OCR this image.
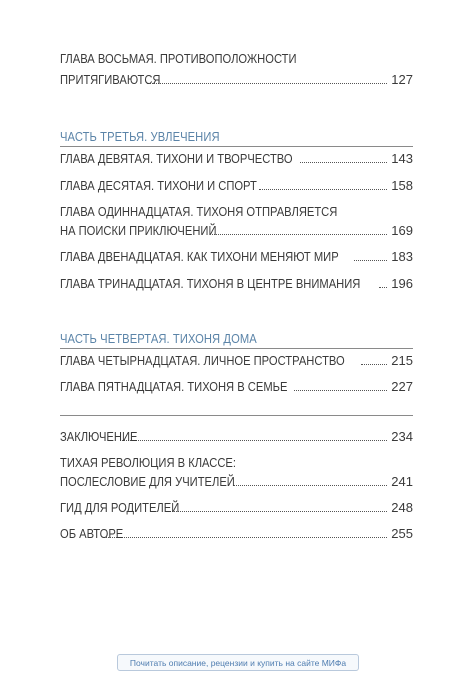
ГЛАВА ВОСЬМАЯ. ПРОТИВОПОЛОЖНОСТИ
ПРИТЯГИВАЮТСЯ	127
ЧАСТЬ ТРЕТЬЯ. УВЛЕЧЕНИЯ
ГЛАВА ДЕВЯТАЯ. ТИХОНИ И ТВОРЧЕСТВО	143
ГЛАВА ДЕСЯТАЯ. ТИХОНИ И СПОРТ	158
ГЛАВА ОДИННАДЦАТАЯ. ТИХОНЯ ОТПРАВЛЯЕТСЯ
НА ПОИСКИ ПРИКЛЮЧЕНИЙ	169
ГЛАВА ДВЕНАДЦАТАЯ. КАК ТИХОНИ МЕНЯЮТ МИР	183
ГЛАВА ТРИНАДЦАТАЯ. ТИХОНЯ В ЦЕНТРЕ ВНИМАНИЯ 196
ЧАСТЬ ЧЕТВЕРТАЯ. ТИХОНЯ ДОМА
ГЛАВА ЧЕТЫРНАДЦАТАЯ. ЛИЧНОЕ ПРОСТРАНСТВО	215
ГЛАВА ПЯТНАДЦАТАЯ. ТИХОНЯ В СЕМЬЕ	227
ЗАКЛЮЧЕНИЕ	234
ТИХАЯ РЕВОЛЮЦИЯ В КЛАССЕ:
ПОСЛЕСЛОВИЕ ДЛЯ УЧИТЕЛЕЙ	241
ГИД ДЛЯ РОДИТЕЛЕЙ	248
ОБ АВТОРЕ	255
Почитать описание, рецензии и купить на сайте МИФа
